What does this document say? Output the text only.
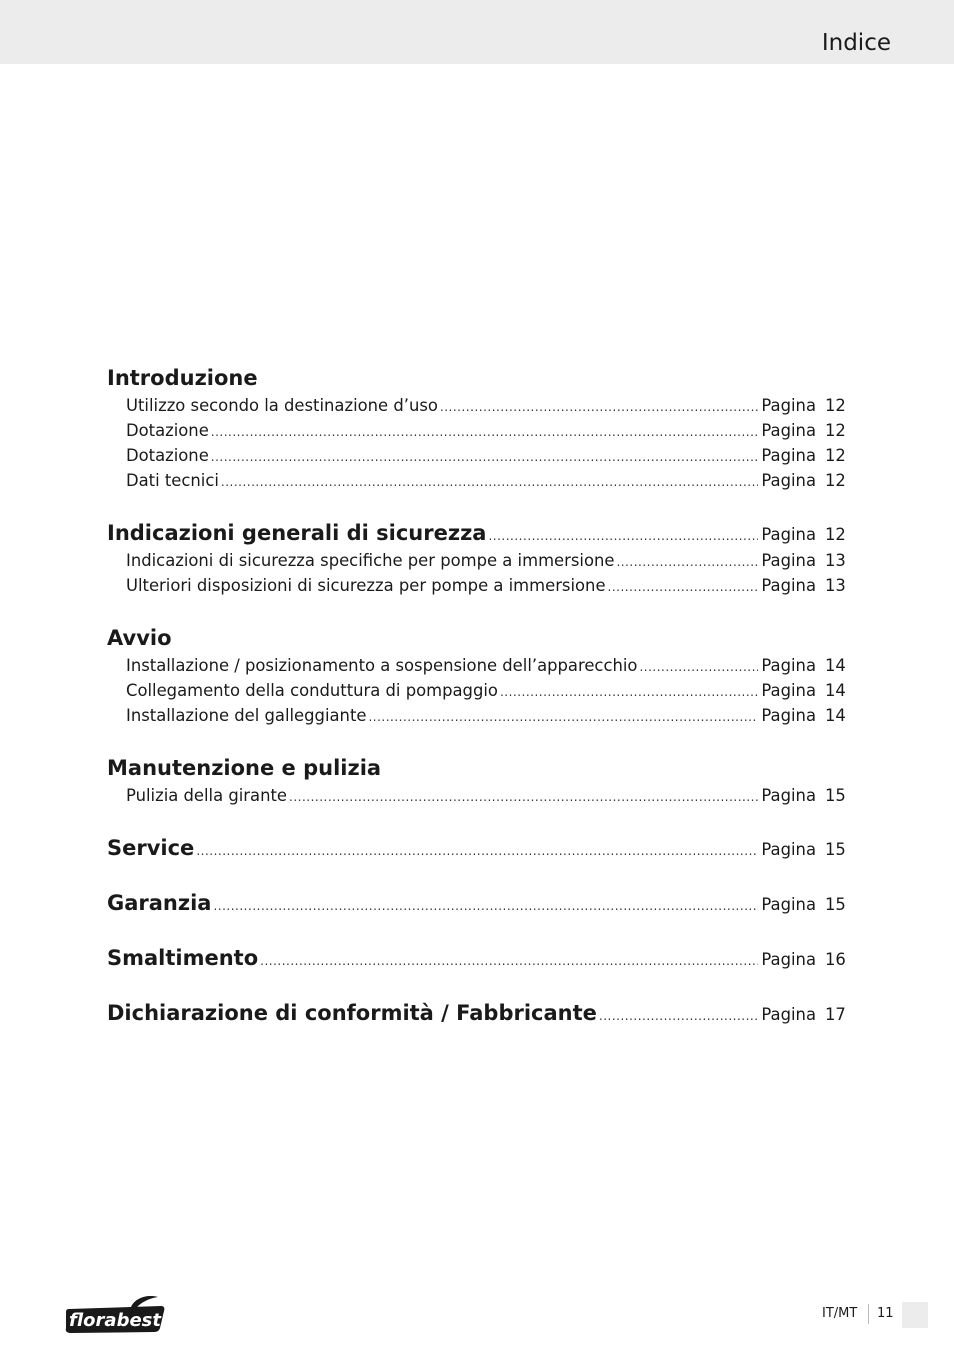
Indice
Introduzione
Utilizzo secondo la destinazione d’uso .....	Pagina 12
Dotazione .....	Pagina 12
Dotazione .....	Pagina 12
Dati tecnici .....	Pagina 12
Indicazioni generali di sicurezza .....	Pagina 12
Indicazioni di sicurezza specifiche per pompe a immersione .....	Pagina 13
Ulteriori disposizioni di sicurezza per pompe a immersione .....	Pagina 13
Avvio
Installazione / posizionamento a sospensione dell’apparecchio .....	Pagina 14
Collegamento della conduttura di pompaggio .....	Pagina 14
Installazione del galleggiante .....	Pagina 14
Manutenzione e pulizia
Pulizia della girante .....	Pagina 15
Service .....	Pagina 15
Garanzia .....	Pagina 15
Smaltimento .....	Pagina 16
Dichiarazione di conformità / Fabbricante .....	Pagina 17
florabest	IT/MT 11
